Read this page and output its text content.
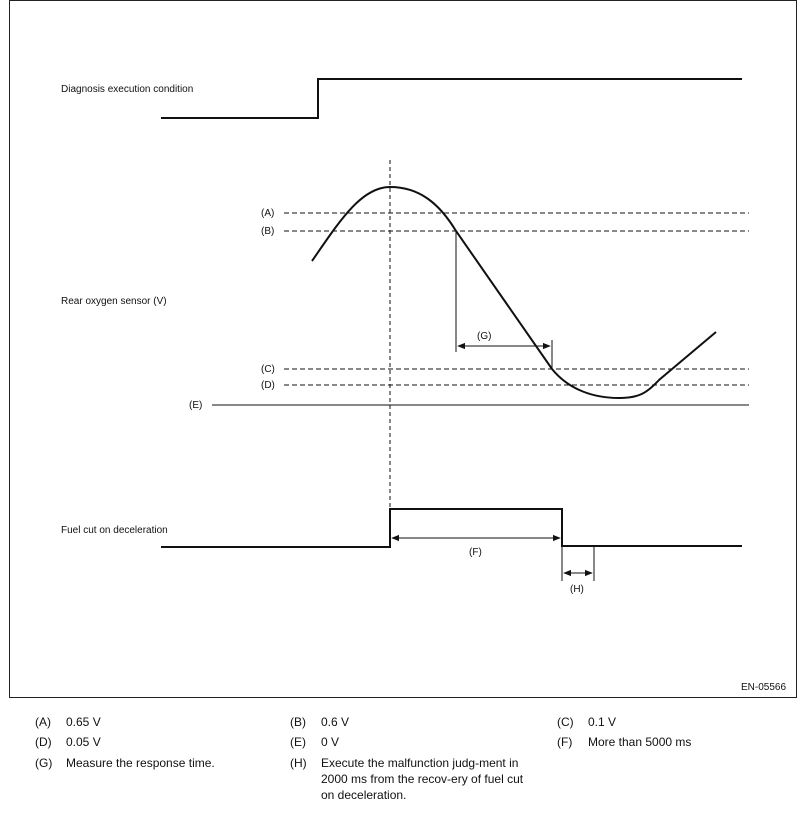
Diagnosis execution condition
(A)
(B)
(C)
(D)
(E)
Rear oxygen sensor (V)
(G)
Fuel cut on deceleration
(F)
(H)
EN-05566
(A) 0.65 V	(B) 0.6 V	(C) 0.1 V
(D) 0.05 V	(E) 0 V	(F) More than 5000 ms
(G) Measure the response time.	(H) Execute the malfunction judg-ment in 2000 ms from the recov-ery of fuel cut on deceleration.
